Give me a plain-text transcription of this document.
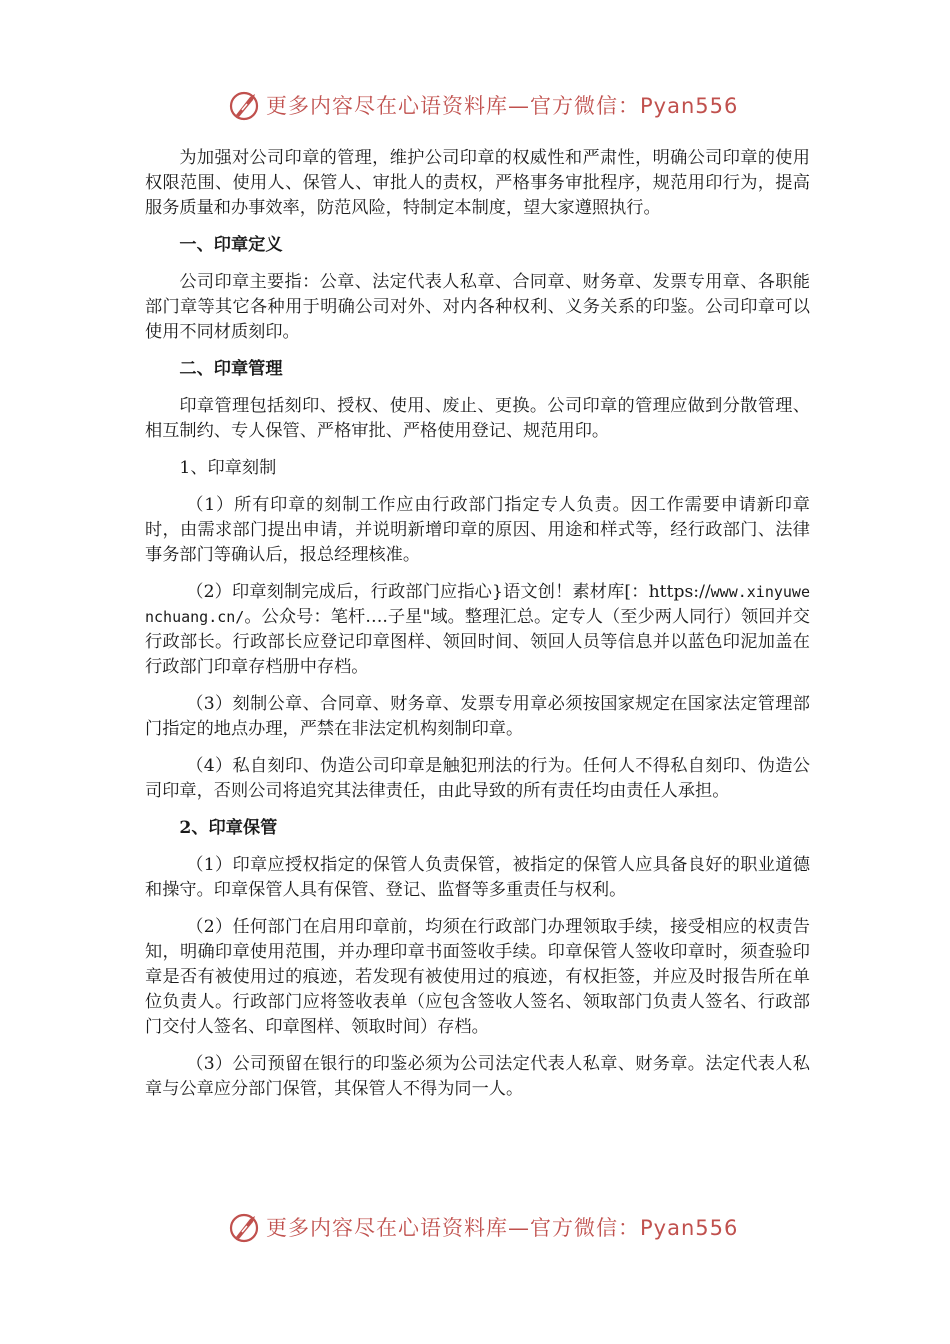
更多内容尽在心语资料库—官方微信：Pyan556

为加强对公司印章的管理，维护公司印章的权威性和严肃性，明确公司印章的使用权限范围、使用人、保管人、审批人的责权，严格事务审批程序，规范用印行为，提高服务质量和办事效率，防范风险，特制定本制度，望大家遵照执行。

一、印章定义

公司印章主要指：公章、法定代表人私章、合同章、财务章、发票专用章、各职能部门章等其它各种用于明确公司对外、对内各种权利、义务关系的印鉴。公司印章可以使用不同材质刻印。

二、印章管理

印章管理包括刻印、授权、使用、废止、更换。公司印章的管理应做到分散管理、相互制约、专人保管、严格审批、严格使用登记、规范用印。

1、印章刻制

（1）所有印章的刻制工作应由行政部门指定专人负责。因工作需要申请新印章时，由需求部门提出申请，并说明新增印章的原因、用途和样式等，经行政部门、法律事务部门等确认后，报总经理核准。

（2）印章刻制完成后，行政部门应指心}语文创！素材库[：https://www.xinyuwenchuang.cn/。公众号：笔杆….子星"域。整理汇总。定专人（至少两人同行）领回并交行政部长。行政部长应登记印章图样、领回时间、领回人员等信息并以蓝色印泥加盖在行政部门印章存档册中存档。

（3）刻制公章、合同章、财务章、发票专用章必须按国家规定在国家法定管理部门指定的地点办理，严禁在非法定机构刻制印章。

（4）私自刻印、伪造公司印章是触犯刑法的行为。任何人不得私自刻印、伪造公司印章，否则公司将追究其法律责任，由此导致的所有责任均由责任人承担。

2、印章保管

（1）印章应授权指定的保管人负责保管，被指定的保管人应具备良好的职业道德和操守。印章保管人具有保管、登记、监督等多重责任与权利。

（2）任何部门在启用印章前，均须在行政部门办理领取手续，接受相应的权责告知，明确印章使用范围，并办理印章书面签收手续。印章保管人签收印章时，须查验印章是否有被使用过的痕迹，若发现有被使用过的痕迹，有权拒签，并应及时报告所在单位负责人。行政部门应将签收表单（应包含签收人签名、领取部门负责人签名、行政部门交付人签名、印章图样、领取时间）存档。

（3）公司预留在银行的印鉴必须为公司法定代表人私章、财务章。法定代表人私章与公章应分部门保管，其保管人不得为同一人。

更多内容尽在心语资料库—官方微信：Pyan556
